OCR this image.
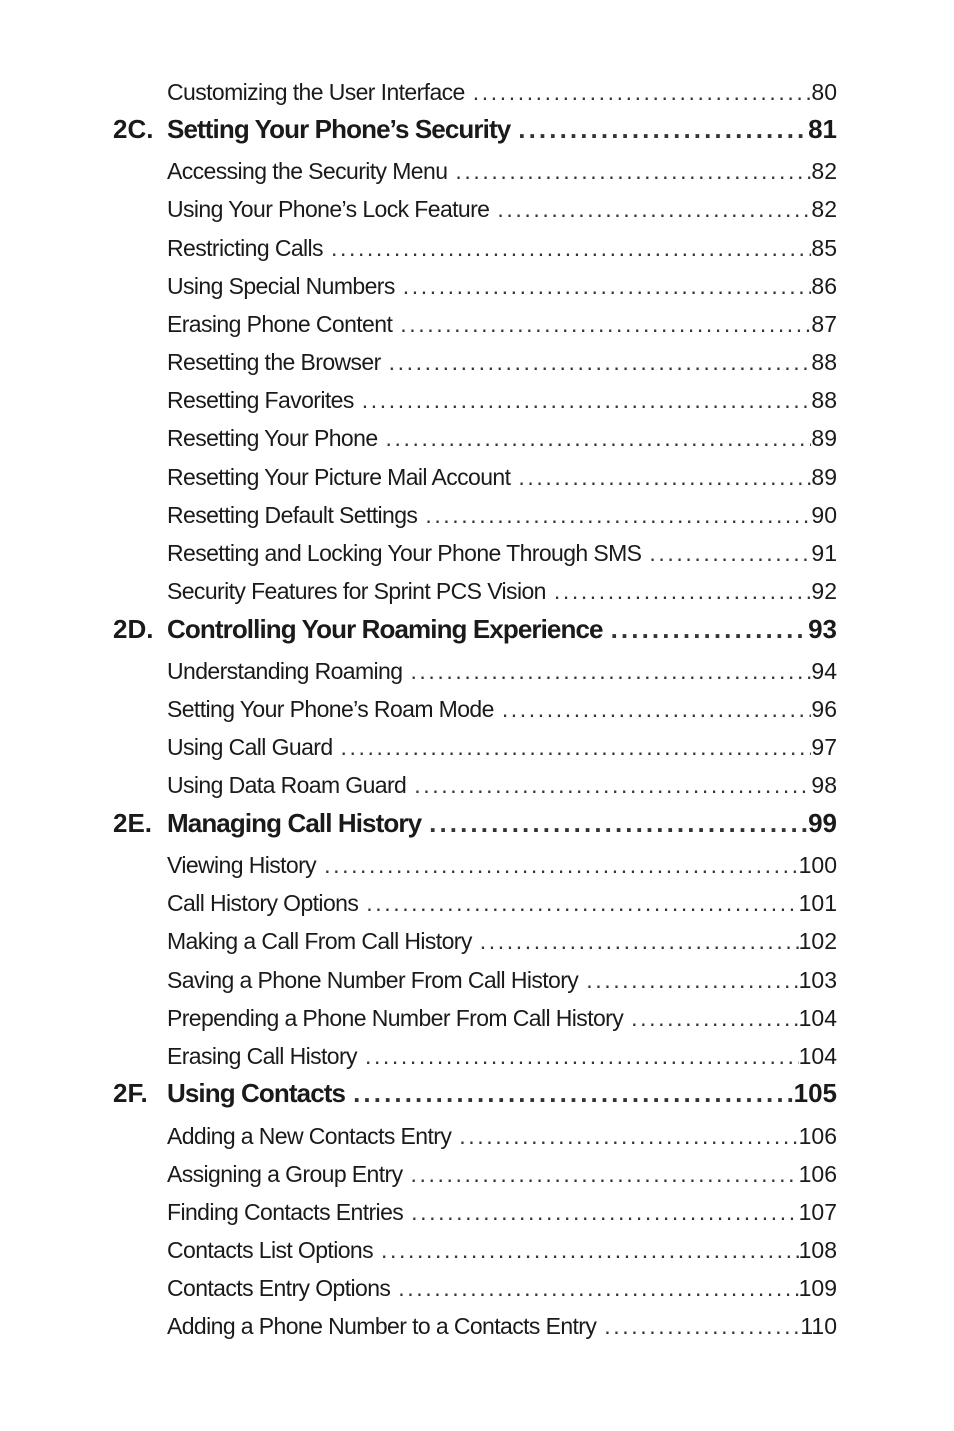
Customizing the User Interface .....	80
2C. Setting Your Phone’s Security .....	81
Accessing the Security Menu .....	82
Using Your Phone’s Lock Feature .....	82
Restricting Calls .....	85
Using Special Numbers .....	86
Erasing Phone Content .....	87
Resetting the Browser .....	88
Resetting Favorites .....	88
Resetting Your Phone .....	89
Resetting Your Picture Mail Account .....	89
Resetting Default Settings .....	90
Resetting and Locking Your Phone Through SMS .....	91
Security Features for Sprint PCS Vision .....	92
2D. Controlling Your Roaming Experience .....	93
Understanding Roaming .....	94
Setting Your Phone’s Roam Mode .....	96
Using Call Guard .....	97
Using Data Roam Guard .....	98
2E. Managing Call History .....	99
Viewing History .....	100
Call History Options .....	101
Making a Call From Call History .....	102
Saving a Phone Number From Call History .....	103
Prepending a Phone Number From Call History .....	104
Erasing Call History .....	104
2F. Using Contacts .....	105
Adding a New Contacts Entry .....	106
Assigning a Group Entry .....	106
Finding Contacts Entries .....	107
Contacts List Options .....	108
Contacts Entry Options .....	109
Adding a Phone Number to a Contacts Entry .....	110
